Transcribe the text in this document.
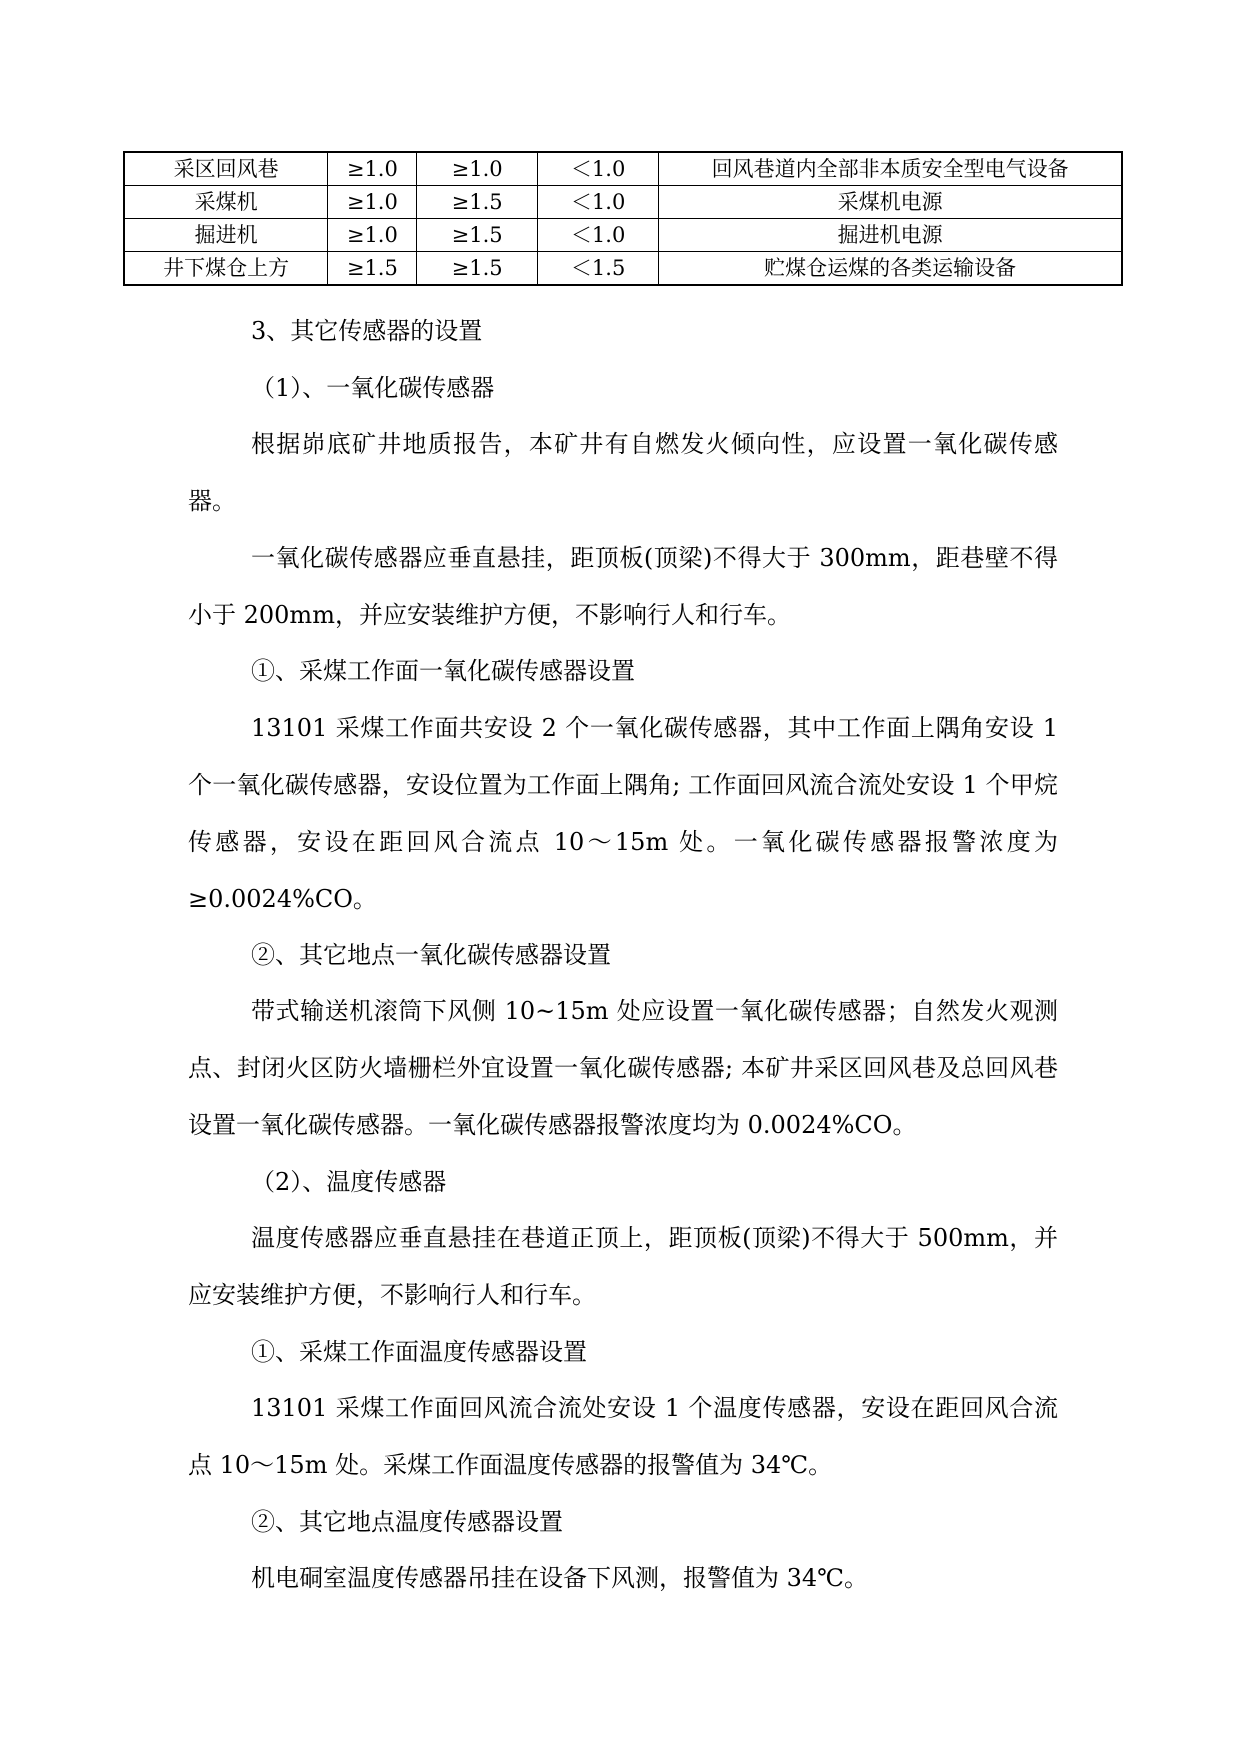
采区回风巷	≥1.0	≥1.0	＜1.0	回风巷道内全部非本质安全型电气设备
采煤机	≥1.0	≥1.5	＜1.0	采煤机电源
掘进机	≥1.0	≥1.5	＜1.0	掘进机电源
井下煤仓上方	≥1.5	≥1.5	＜1.5	贮煤仓运煤的各类运输设备

3、其它传感器的设置

（1）、一氧化碳传感器

根据峁底矿井地质报告，本矿井有自燃发火倾向性，应设置一氧化碳传感器。

一氧化碳传感器应垂直悬挂，距顶板(顶梁)不得大于 300mm，距巷壁不得小于 200mm，并应安装维护方便，不影响行人和行车。

①、采煤工作面一氧化碳传感器设置

13101 采煤工作面共安设 2 个一氧化碳传感器，其中工作面上隅角安设 1 个一氧化碳传感器，安设位置为工作面上隅角; 工作面回风流合流处安设 1 个甲烷传感器，安设在距回风合流点 10～15m 处。一氧化碳传感器报警浓度为≥0.0024%CO。

②、其它地点一氧化碳传感器设置

带式输送机滚筒下风侧 10~15m 处应设置一氧化碳传感器；自然发火观测点、封闭火区防火墙栅栏外宜设置一氧化碳传感器; 本矿井采区回风巷及总回风巷设置一氧化碳传感器。一氧化碳传感器报警浓度均为 0.0024%CO。

（2）、温度传感器

温度传感器应垂直悬挂在巷道正顶上，距顶板(顶梁)不得大于 500mm，并应安装维护方便，不影响行人和行车。

①、采煤工作面温度传感器设置

13101 采煤工作面回风流合流处安设 1 个温度传感器，安设在距回风合流点 10～15m 处。采煤工作面温度传感器的报警值为 34℃。

②、其它地点温度传感器设置

机电硐室温度传感器吊挂在设备下风测，报警值为 34℃。
